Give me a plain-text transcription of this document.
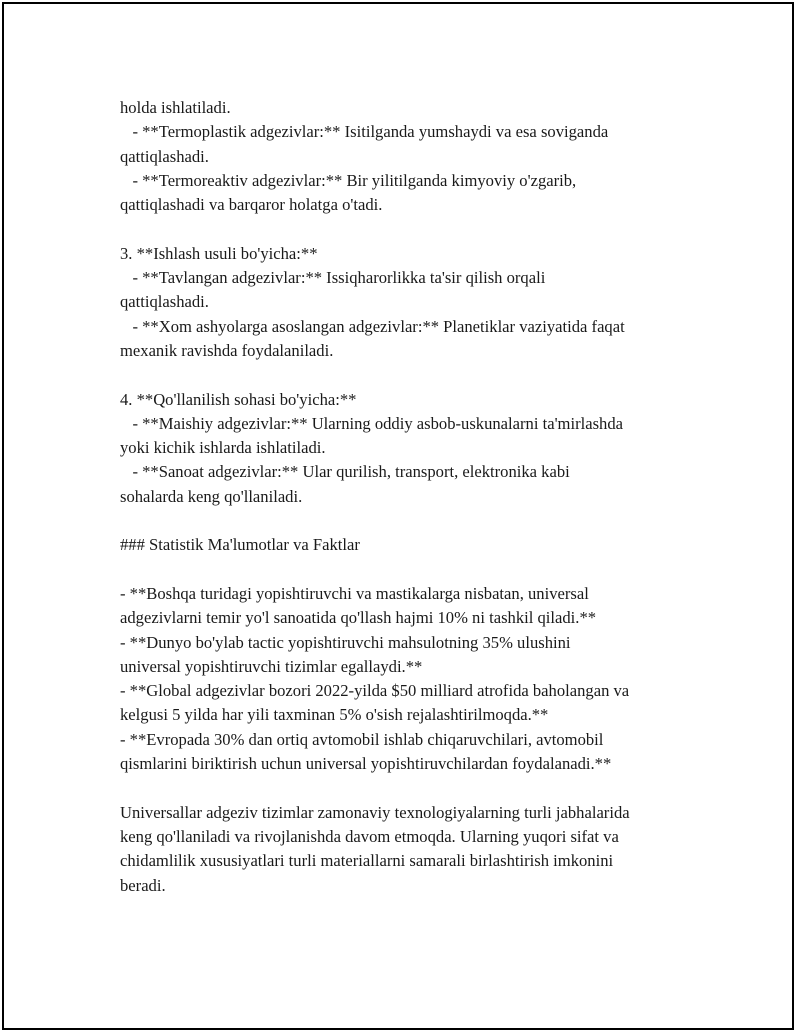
holda ishlatiladi.
- **Termoplastik adgezivlar:** Isitilganda yumshaydi va esa soviganda
qattiqlashadi.
- **Termoreaktiv adgezivlar:** Bir yilitilganda kimyoviy o'zgarib,
qattiqlashadi va barqaror holatga o'tadi.
3. **Ishlash usuli bo'yicha:**
- **Tavlangan adgezivlar:** Issiqharorlikka ta'sir qilish orqali
qattiqlashadi.
- **Xom ashyolarga asoslangan adgezivlar:** Planetiklar vaziyatida faqat
mexanik ravishda foydalaniladi.
4. **Qo'llanilish sohasi bo'yicha:**
- **Maishiy adgezivlar:** Ularning oddiy asbob-uskunalarni ta'mirlashda
yoki kichik ishlarda ishlatiladi.
- **Sanoat adgezivlar:** Ular qurilish, transport, elektronika kabi
sohalarda keng qo'llaniladi.
### Statistik Ma'lumotlar va Faktlar
- **Boshqa turidagi yopishtiruvchi va mastikalarga nisbatan, universal
adgezivlarni temir yo'l sanoatida qo'llash hajmi 10% ni tashkil qiladi.**
- **Dunyo bo'ylab tactic yopishtiruvchi mahsulotning 35% ulushini
universal yopishtiruvchi tizimlar egallaydi.**
- **Global adgezivlar bozori 2022-yilda $50 milliard atrofida baholangan va
kelgusi 5 yilda har yili taxminan 5% o'sish rejalashtirilmoqda.**
- **Evropada 30% dan ortiq avtomobil ishlab chiqaruvchilari, avtomobil
qismlarini biriktirish uchun universal yopishtiruvchilardan foydalanadi.**
Universallar adgeziv tizimlar zamonaviy texnologiyalarning turli jabhalarida
keng qo'llaniladi va rivojlanishda davom etmoqda. Ularning yuqori sifat va
chidamlilik xususiyatlari turli materiallarni samarali birlashtirish imkonini
beradi.
